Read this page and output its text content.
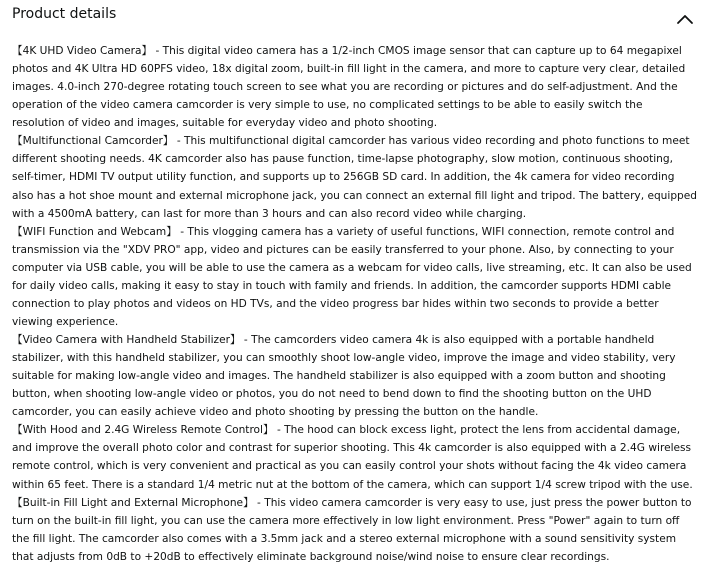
Product details
【4K UHD Video Camera】 - This digital video camera has a 1/2-inch CMOS image sensor that can capture up to 64 megapixel photos and 4K Ultra HD 60PFS video, 18x digital zoom, built-in fill light in the camera, and more to capture very clear, detailed images. 4.0-inch 270-degree rotating touch screen to see what you are recording or pictures and do self-adjustment. And the operation of the video camera camcorder is very simple to use, no complicated settings to be able to easily switch the resolution of video and images, suitable for everyday video and photo shooting.
【Multifunctional Camcorder】 - This multifunctional digital camcorder has various video recording and photo functions to meet different shooting needs. 4K camcorder also has pause function, time-lapse photography, slow motion, continuous shooting, self-timer, HDMI TV output utility function, and supports up to 256GB SD card. In addition, the 4k camera for video recording also has a hot shoe mount and external microphone jack, you can connect an external fill light and tripod. The battery, equipped with a 4500mA battery, can last for more than 3 hours and can also record video while charging.
【WIFI Function and Webcam】 - This vlogging camera has a variety of useful functions, WIFI connection, remote control and transmission via the "XDV PRO" app, video and pictures can be easily transferred to your phone. Also, by connecting to your computer via USB cable, you will be able to use the camera as a webcam for video calls, live streaming, etc. It can also be used for daily video calls, making it easy to stay in touch with family and friends. In addition, the camcorder supports HDMI cable connection to play photos and videos on HD TVs, and the video progress bar hides within two seconds to provide a better viewing experience.
【Video Camera with Handheld Stabilizer】 - The camcorders video camera 4k is also equipped with a portable handheld stabilizer, with this handheld stabilizer, you can smoothly shoot low-angle video, improve the image and video stability, very suitable for making low-angle video and images. The handheld stabilizer is also equipped with a zoom button and shooting button, when shooting low-angle video or photos, you do not need to bend down to find the shooting button on the UHD camcorder, you can easily achieve video and photo shooting by pressing the button on the handle.
【With Hood and 2.4G Wireless Remote Control】 - The hood can block excess light, protect the lens from accidental damage, and improve the overall photo color and contrast for superior shooting. This 4k camcorder is also equipped with a 2.4G wireless remote control, which is very convenient and practical as you can easily control your shots without facing the 4k video camera within 65 feet. There is a standard 1/4 metric nut at the bottom of the camera, which can support 1/4 screw tripod with the use.
【Built-in Fill Light and External Microphone】 - This video camera camcorder is very easy to use, just press the power button to turn on the built-in fill light, you can use the camera more effectively in low light environment. Press "Power" again to turn off the fill light. The camcorder also comes with a 3.5mm jack and a stereo external microphone with a sound sensitivity system that adjusts from 0dB to +20dB to effectively eliminate background noise/wind noise to ensure clear recordings.
